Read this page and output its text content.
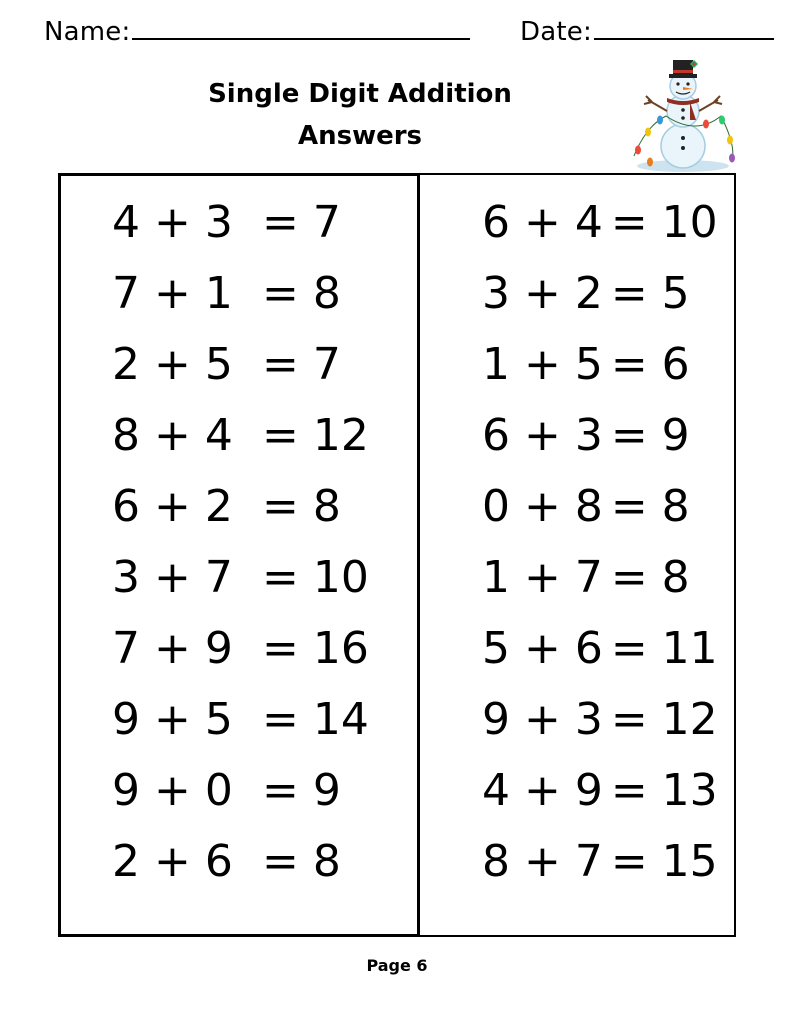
Name:	Date:
Single Digit Addition
Answers
4 + 3 = 7
7 + 1 = 8
2 + 5 = 7
8 + 4 = 12
6 + 2 = 8
3 + 7 = 10
7 + 9 = 16
9 + 5 = 14
9 + 0 = 9
2 + 6 = 8
6 + 4 = 10
3 + 2 = 5
1 + 5 = 6
6 + 3 = 9
0 + 8 = 8
1 + 7 = 8
5 + 6 = 11
9 + 3 = 12
4 + 9 = 13
8 + 7 = 15
Page 6
